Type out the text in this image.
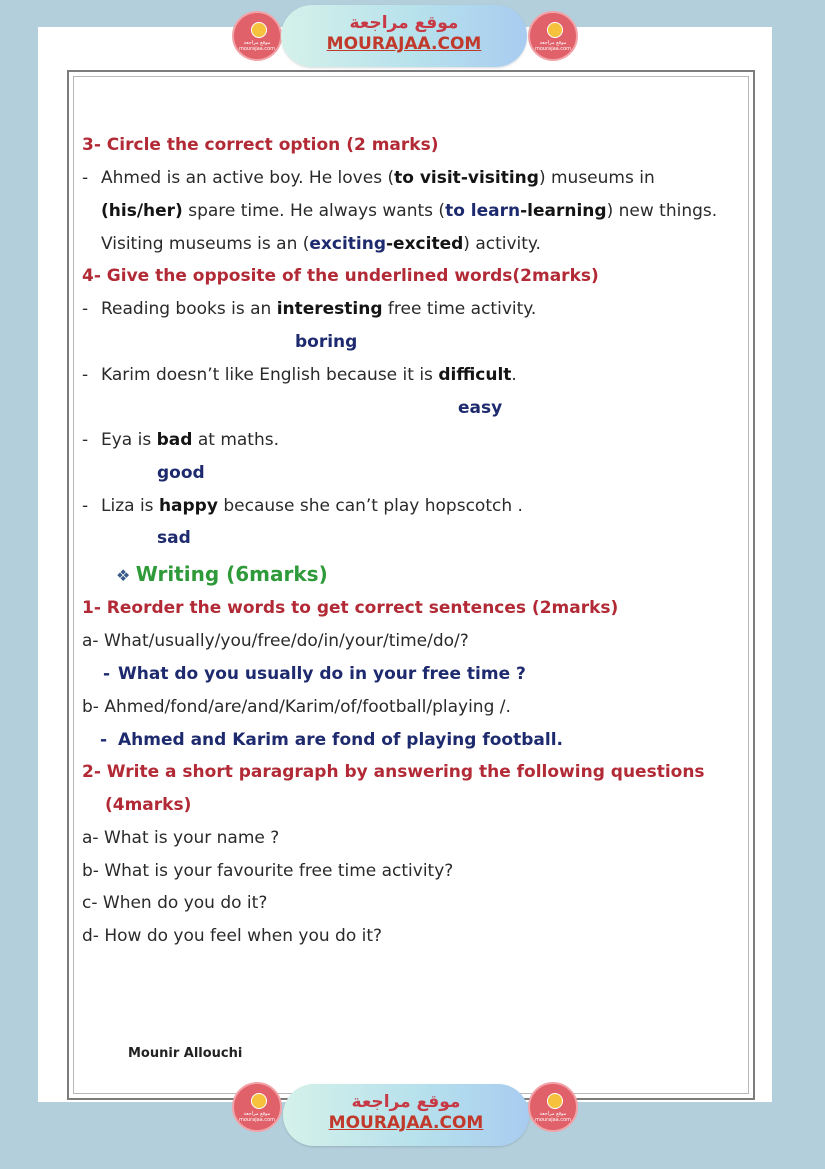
موقع مراجعة mourajaa.com
موقع مراجعة
MOURAJAA.COM	موقع مراجعة mourajaa.com
3- Circle the correct option (2 marks)
- Ahmed is an active boy. He loves (to visit-visiting) museums in
(his/her) spare time. He always wants (to learn-learning) new things.
Visiting museums is an (exciting-excited) activity.
4- Give the opposite of the underlined words(2marks)
- Reading books is an interesting free time activity.
boring
- Karim doesn’t like English because it is difficult.
easy
- Eya is bad at maths.
good
- Liza is happy because she can’t play hopscotch .
sad
❖ Writing (6marks)
1- Reorder the words to get correct sentences (2marks)
a- What/usually/you/free/do/in/your/time/do/?
- What do you usually do in your free time ?
b- Ahmed/fond/are/and/Karim/of/football/playing /.
- Ahmed and Karim are fond of playing football.
2- Write a short paragraph by answering the following questions
(4marks)
a- What is your name ?
b- What is your favourite free time activity?
c- When do you do it?
d- How do you feel when you do it?
Mounir Allouchi
موقع مراجعة mourajaa.com
موقع مراجعة
MOURAJAA.COM	موقع مراجعة mourajaa.com
